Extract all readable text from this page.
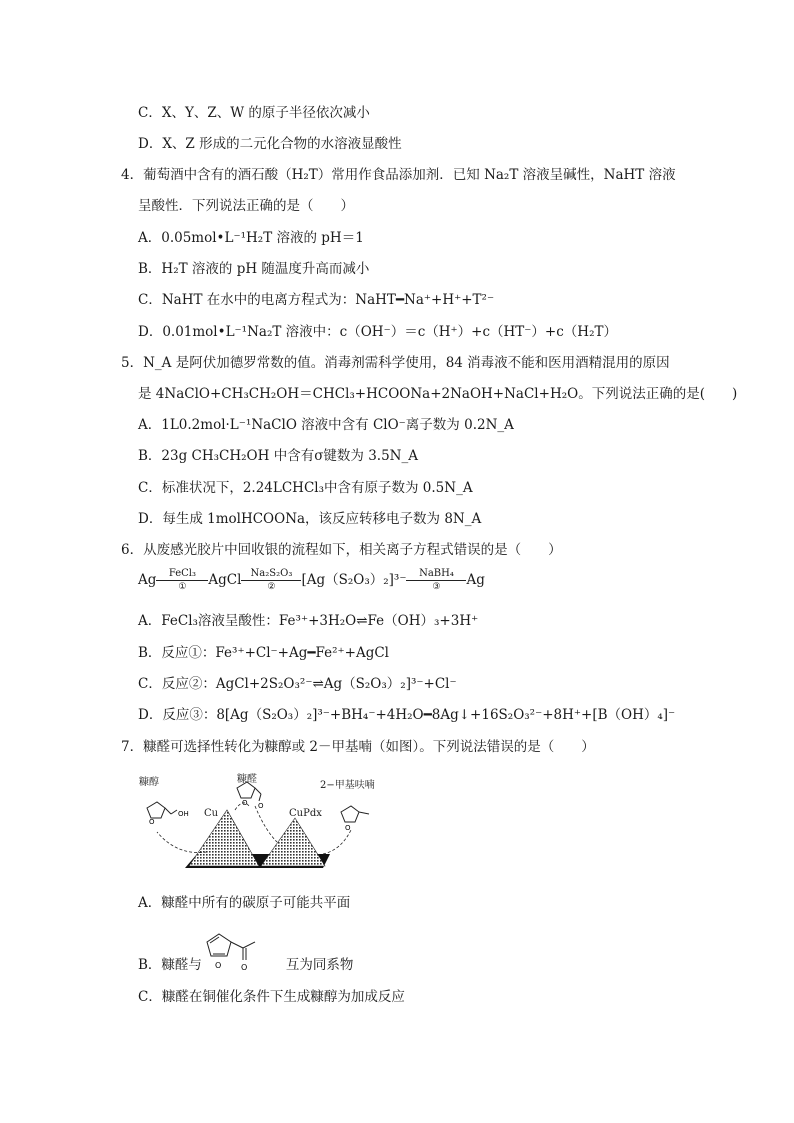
C．X、Y、Z、W 的原子半径依次减小
D．X、Z 形成的二元化合物的水溶液显酸性
4．葡萄酒中含有的酒石酸（H₂T）常用作食品添加剂．已知 Na₂T 溶液呈碱性，NaHT 溶液
呈酸性．下列说法正确的是（　　）
A．0.05mol•L⁻¹H₂T 溶液的 pH＝1
B．H₂T 溶液的 pH 随温度升高而减小
C．NaHT 在水中的电离方程式为：NaHT━Na⁺+H⁺+T²⁻
D．0.01mol•L⁻¹Na₂T 溶液中：c（OH⁻）＝c（H⁺）+c（HT⁻）+c（H₂T）
5．N_A 是阿伏加德罗常数的值。消毒剂需科学使用，84 消毒液不能和医用酒精混用的原因
是 4NaClO+CH₃CH₂OH＝CHCl₃+HCOONa+2NaOH+NaCl+H₂O。下列说法正确的是(　　)
A．1L0.2mol·L⁻¹NaClO 溶液中含有 ClO⁻离子数为 0.2N_A
B．23g CH₃CH₂OH 中含有σ键数为 3.5N_A
C．标准状况下，2.24LCHCl₃中含有原子数为 0.5N_A
D．每生成 1molHCOONa，该反应转移电子数为 8N_A
6．从废感光胶片中回收银的流程如下，相关离子方程式错误的是（　　）
Ag $\frac{\text{FeCl₃}}{\text{①}}$ AgCl $\frac{\text{Na₂S₂O₃}}{\text{②}} [Ag(S_2O_3)_2]^{3-} \frac{\text{NaBH₄}}{\text{③}}$ Ag
A．FeCl₃溶液呈酸性：Fe³⁺+3H₂O⇌Fe（OH）₃+3H⁺
B．反应①：Fe³⁺+Cl⁻+Ag━Fe²⁺+AgCl
C．反应②：AgCl+2S₂O₃²⁻⇌Ag（S₂O₃）₂]³⁻+Cl⁻
D．反应③：8[Ag（S₂O₃）₂]³⁻+BH₄⁻+4H₂O━8Ag↓+16S₂O₃²⁻+8H⁺+[B（OH）₄]⁻
7．糠醛可选择性转化为糠醇或 2－甲基喃（如图）。下列说法错误的是（　　）
O
OH
O O
O
糠醇	糠醛
Cu	CuPdx
2−甲基呋喃
A．糠醛中所有的碳原子可能共平面
B．糠醛与	互为同系物
O O
C．糠醛在铜催化条件下生成糠醇为加成反应
